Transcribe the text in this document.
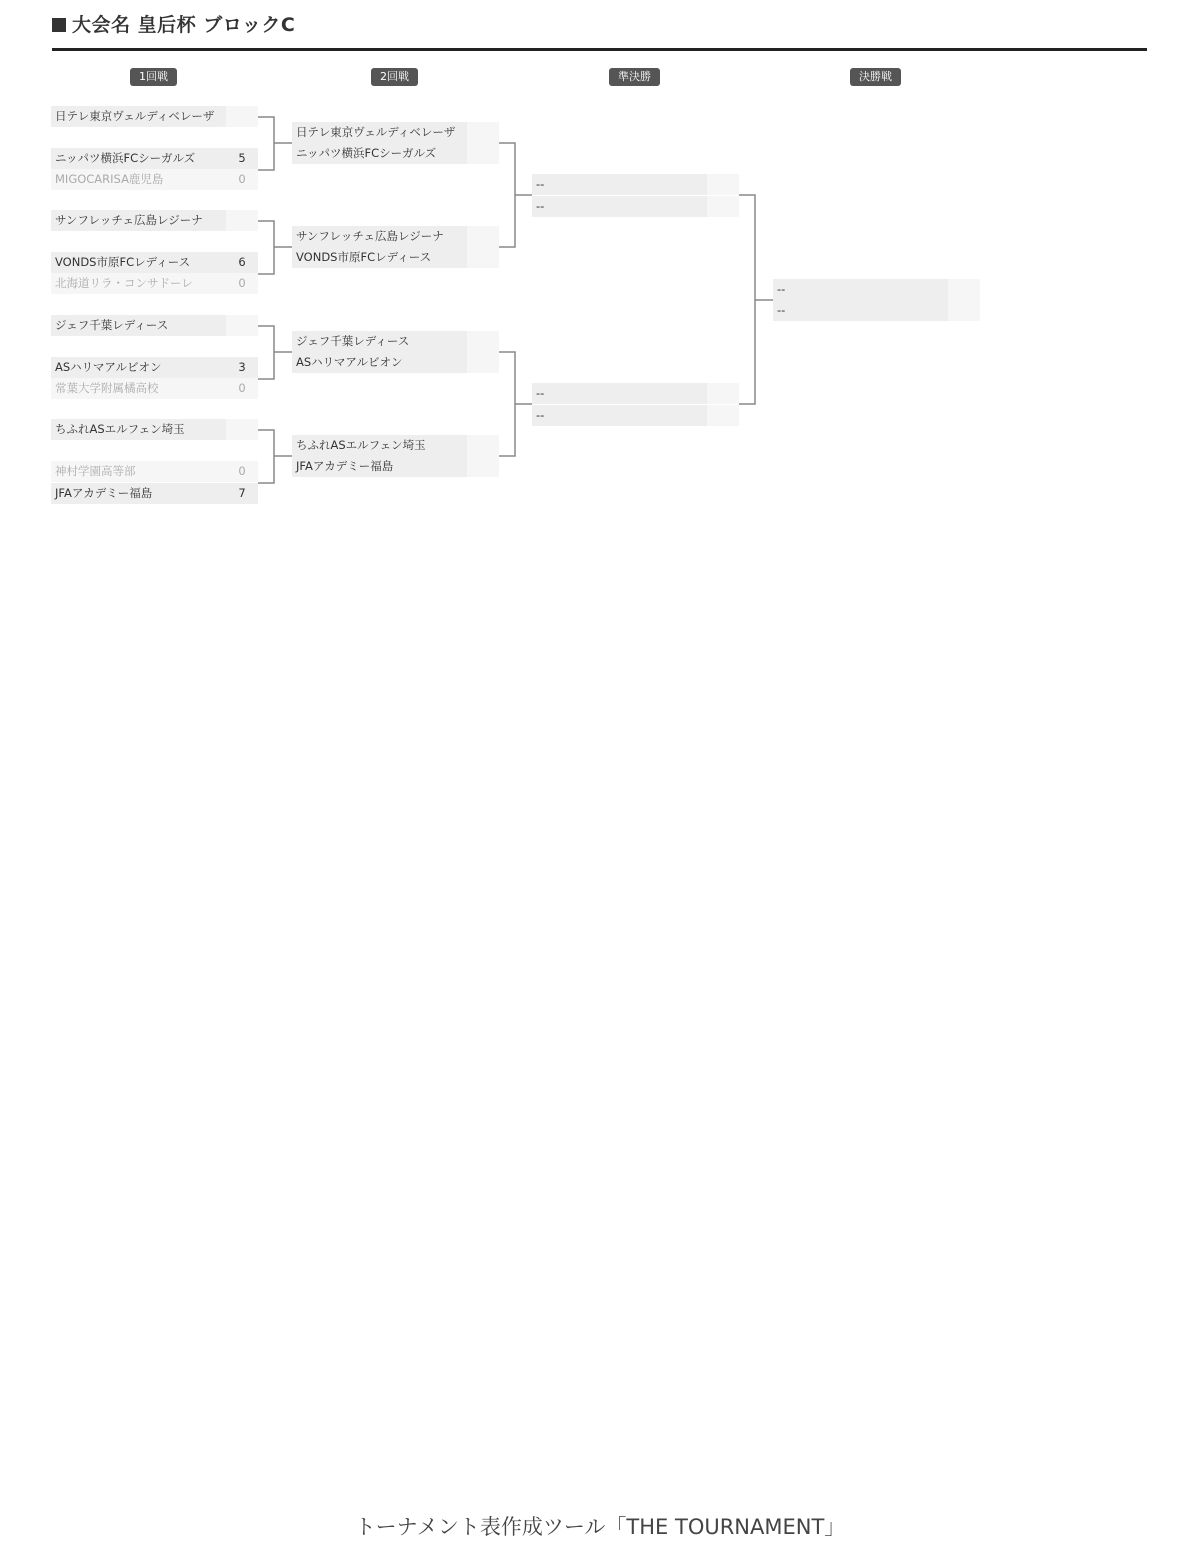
大会名 皇后杯 ブロックC
1回戦	2回戦	準決勝	決勝戦
日テレ東京ヴェルディベレーザ
ニッパツ横浜FCシーガルズ	5
MIGOCARISA鹿児島	0
サンフレッチェ広島レジーナ
VONDS市原FCレディース	6
北海道リラ・コンサドーレ	0
ジェフ千葉レディース
ASハリマアルビオン	3
常葉大学附属橘高校	0
ちふれASエルフェン埼玉
神村学園高等部	0
JFAアカデミー福島	7
日テレ東京ヴェルディベレーザ
ニッパツ横浜FCシーガルズ
サンフレッチェ広島レジーナ
VONDS市原FCレディース
ジェフ千葉レディース
ASハリマアルビオン
ちふれASエルフェン埼玉
JFAアカデミー福島
--
--
--
--
--
--
トーナメント表作成ツール「THE TOURNAMENT」
